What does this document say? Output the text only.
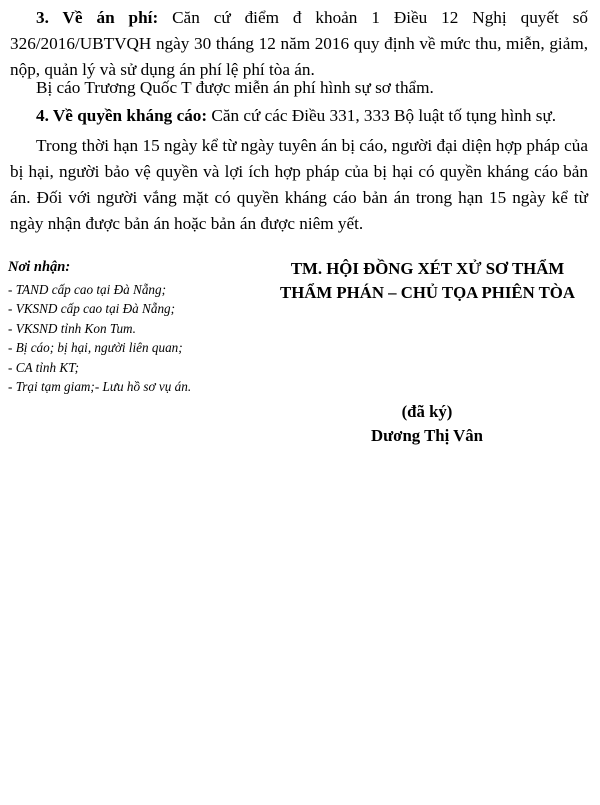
3. Về án phí: Căn cứ điểm đ khoản 1 Điều 12 Nghị quyết số 326/2016/UBTVQH ngày 30 tháng 12 năm 2016 quy định về mức thu, miễn, giảm, nộp, quản lý và sử dụng án phí lệ phí tòa án.

Bị cáo Trương Quốc T được miễn án phí hình sự sơ thẩm.

4. Về quyền kháng cáo: Căn cứ các Điều 331, 333 Bộ luật tố tụng hình sự.

Trong thời hạn 15 ngày kể từ ngày tuyên án bị cáo, người đại diện hợp pháp của bị hại, người bảo vệ quyền và lợi ích hợp pháp của bị hại có quyền kháng cáo bản án. Đối với người vắng mặt có quyền kháng cáo bản án trong hạn 15 ngày kể từ ngày nhận được bản án hoặc bản án được niêm yết.

Nơi nhận:
- TAND cấp cao tại Đà Nẵng;
- VKSND cấp cao tại Đà Nẵng;
- VKSND tỉnh Kon Tum.
- Bị cáo; bị hại, người liên quan;
- CA tỉnh KT;
- Trại tạm giam;- Lưu hồ sơ vụ án.
TM. HỘI ĐỒNG XÉT XỬ SƠ THẨM
THẨM PHÁN – CHỦ TỌA PHIÊN TÒA
(đã ký)
Dương Thị Vân
